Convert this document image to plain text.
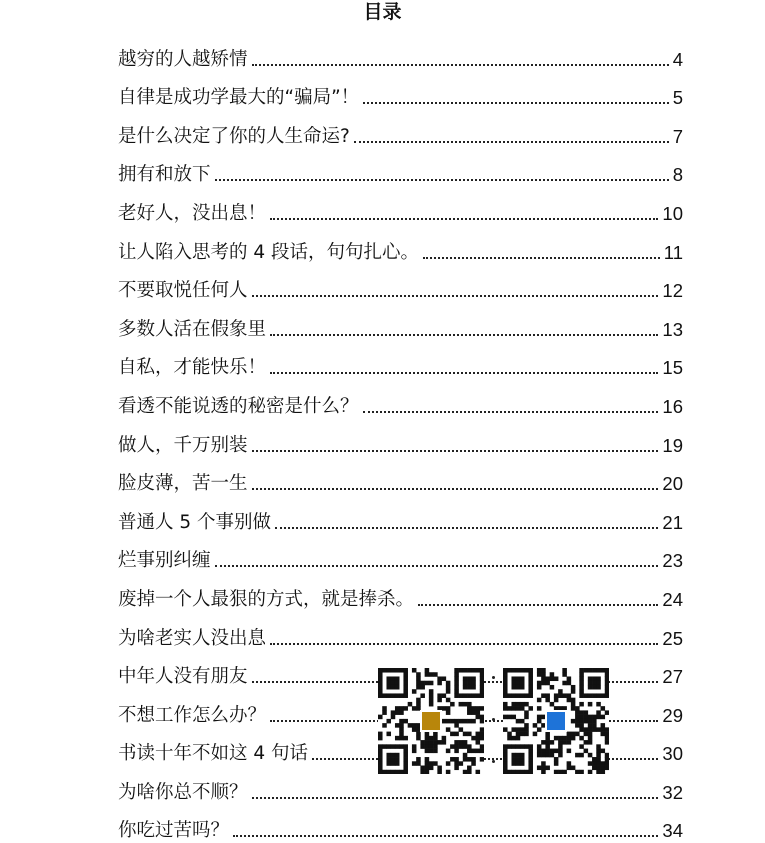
目录
越穷的人越矫情	4
自律是成功学最大的“骗局”！	5
是什么决定了你的人生命运?	7
拥有和放下	8
老好人，没出息！	10
让人陷入思考的 4 段话，句句扎心。	11
不要取悦任何人	12
多数人活在假象里	13
自私，才能快乐！	15
看透不能说透的秘密是什么？	16
做人，千万别装	19
脸皮薄，苦一生	20
普通人 5 个事别做	21
烂事别纠缠	23
废掉一个人最狠的方式，就是捧杀。	24
为啥老实人没出息	25
中年人没有朋友	27
不想工作怎么办？	29
书读十年不如这 4 句话	30
为啥你总不顺？	32
你吃过苦吗？	34
